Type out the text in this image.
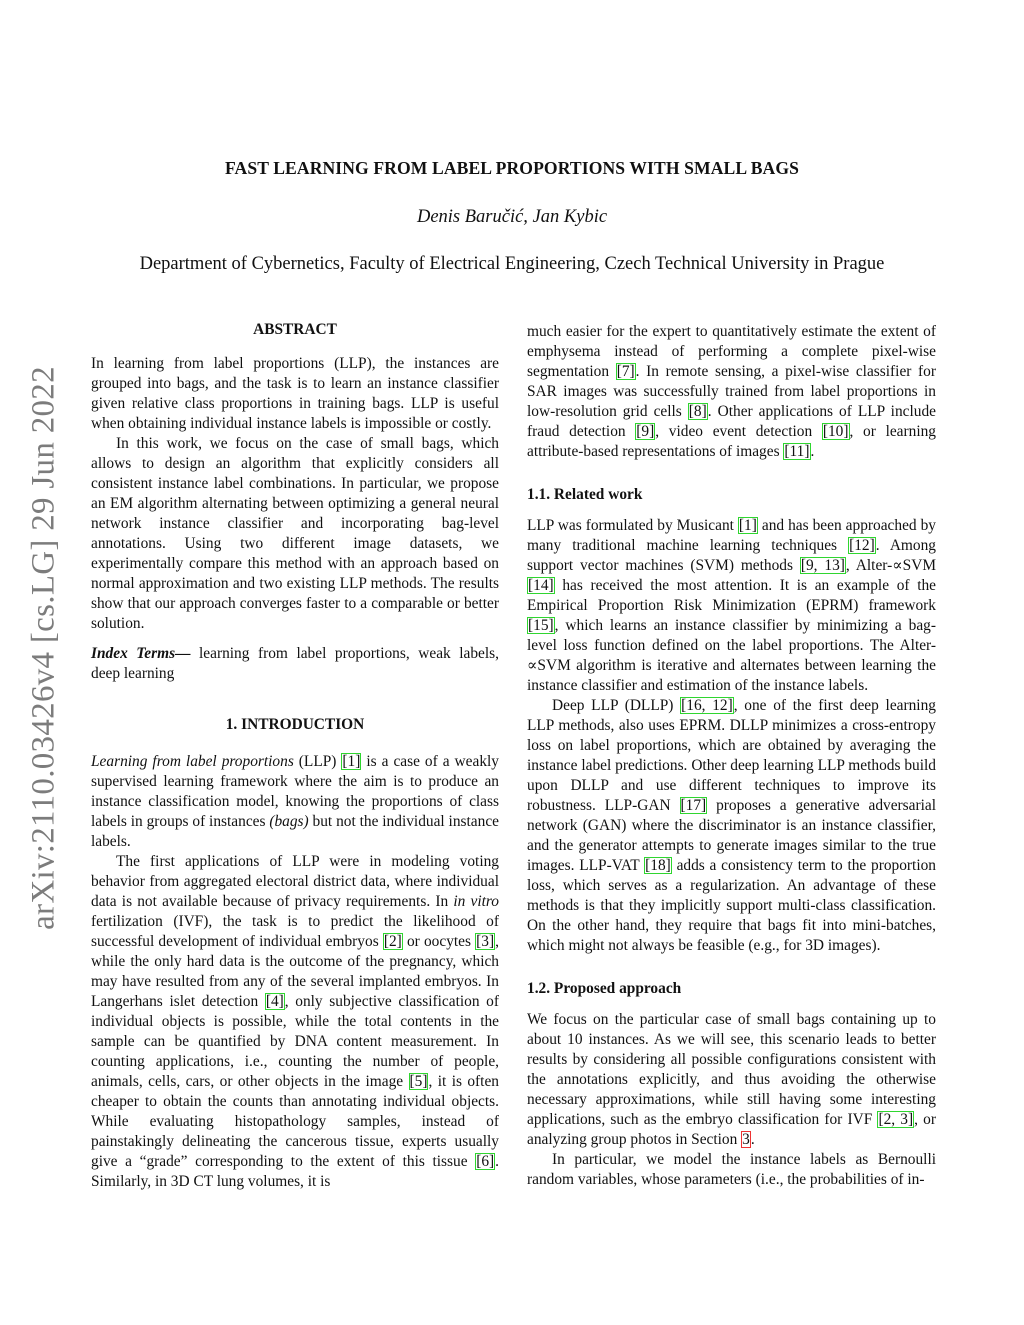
arXiv:2110.03426v4 [cs.LG] 29 Jun 2022
FAST LEARNING FROM LABEL PROPORTIONS WITH SMALL BAGS
Denis Baručić, Jan Kybic
Department of Cybernetics, Faculty of Electrical Engineering, Czech Technical University in Prague
ABSTRACT

In learning from label proportions (LLP), the instances are grouped into bags, and the task is to learn an instance classifier given relative class proportions in training bags. LLP is useful when obtaining individual instance labels is impossible or costly.

In this work, we focus on the case of small bags, which allows to design an algorithm that explicitly considers all consistent instance label combinations. In particular, we propose an EM algorithm alternating between optimizing a general neural network instance classifier and incorporating bag-level annotations. Using two different image datasets, we experimentally compare this method with an approach based on normal approximation and two existing LLP methods. The results show that our approach converges faster to a comparable or better solution.

Index Terms— learning from label proportions, weak labels, deep learning

1. INTRODUCTION

Learning from label proportions (LLP) [1] is a case of a weakly supervised learning framework where the aim is to produce an instance classification model, knowing the proportions of class labels in groups of instances (bags) but not the individual instance labels.

The first applications of LLP were in modeling voting behavior from aggregated electoral district data, where individual data is not available because of privacy requirements. In in vitro fertilization (IVF), the task is to predict the likelihood of successful development of individual embryos [2] or oocytes [3], while the only hard data is the outcome of the pregnancy, which may have resulted from any of the several implanted embryos. In Langerhans islet detection [4], only subjective classification of individual objects is possible, while the total contents in the sample can be quantified by DNA content measurement. In counting applications, i.e., counting the number of people, animals, cells, cars, or other objects in the image [5], it is often cheaper to obtain the counts than annotating individual objects. While evaluating histopathology samples, instead of painstakingly delineating the cancerous tissue, experts usually give a “grade” corresponding to the extent of this tissue [6]. Similarly, in 3D CT lung volumes, it is

much easier for the expert to quantitatively estimate the extent of emphysema instead of performing a complete pixel-wise segmentation [7]. In remote sensing, a pixel-wise classifier for SAR images was successfully trained from label proportions in low-resolution grid cells [8]. Other applications of LLP include fraud detection [9], video event detection [10], or learning attribute-based representations of images [11].

1.1. Related work

LLP was formulated by Musicant [1] and has been approached by many traditional machine learning techniques [12]. Among support vector machines (SVM) methods [9, 13], Alter-∝SVM [14] has received the most attention. It is an example of the Empirical Proportion Risk Minimization (EPRM) framework [15], which learns an instance classifier by minimizing a bag-level loss function defined on the label proportions. The Alter-∝SVM algorithm is iterative and alternates between learning the instance classifier and estimation of the instance labels.

Deep LLP (DLLP) [16, 12], one of the first deep learning LLP methods, also uses EPRM. DLLP minimizes a cross-entropy loss on label proportions, which are obtained by averaging the instance label predictions. Other deep learning LLP methods build upon DLLP and use different techniques to improve its robustness. LLP-GAN [17] proposes a generative adversarial network (GAN) where the discriminator is an instance classifier, and the generator attempts to generate images similar to the true images. LLP-VAT [18] adds a consistency term to the proportion loss, which serves as a regularization. An advantage of these methods is that they implicitly support multi-class classification. On the other hand, they require that bags fit into mini-batches, which might not always be feasible (e.g., for 3D images).

1.2. Proposed approach

We focus on the particular case of small bags containing up to about 10 instances. As we will see, this scenario leads to better results by considering all possible configurations consistent with the annotations explicitly, and thus avoiding the otherwise necessary approximations, while still having some interesting applications, such as the embryo classification for IVF [2, 3], or analyzing group photos in Section 3.

In particular, we model the instance labels as Bernoulli random variables, whose parameters (i.e., the probabilities of in-
